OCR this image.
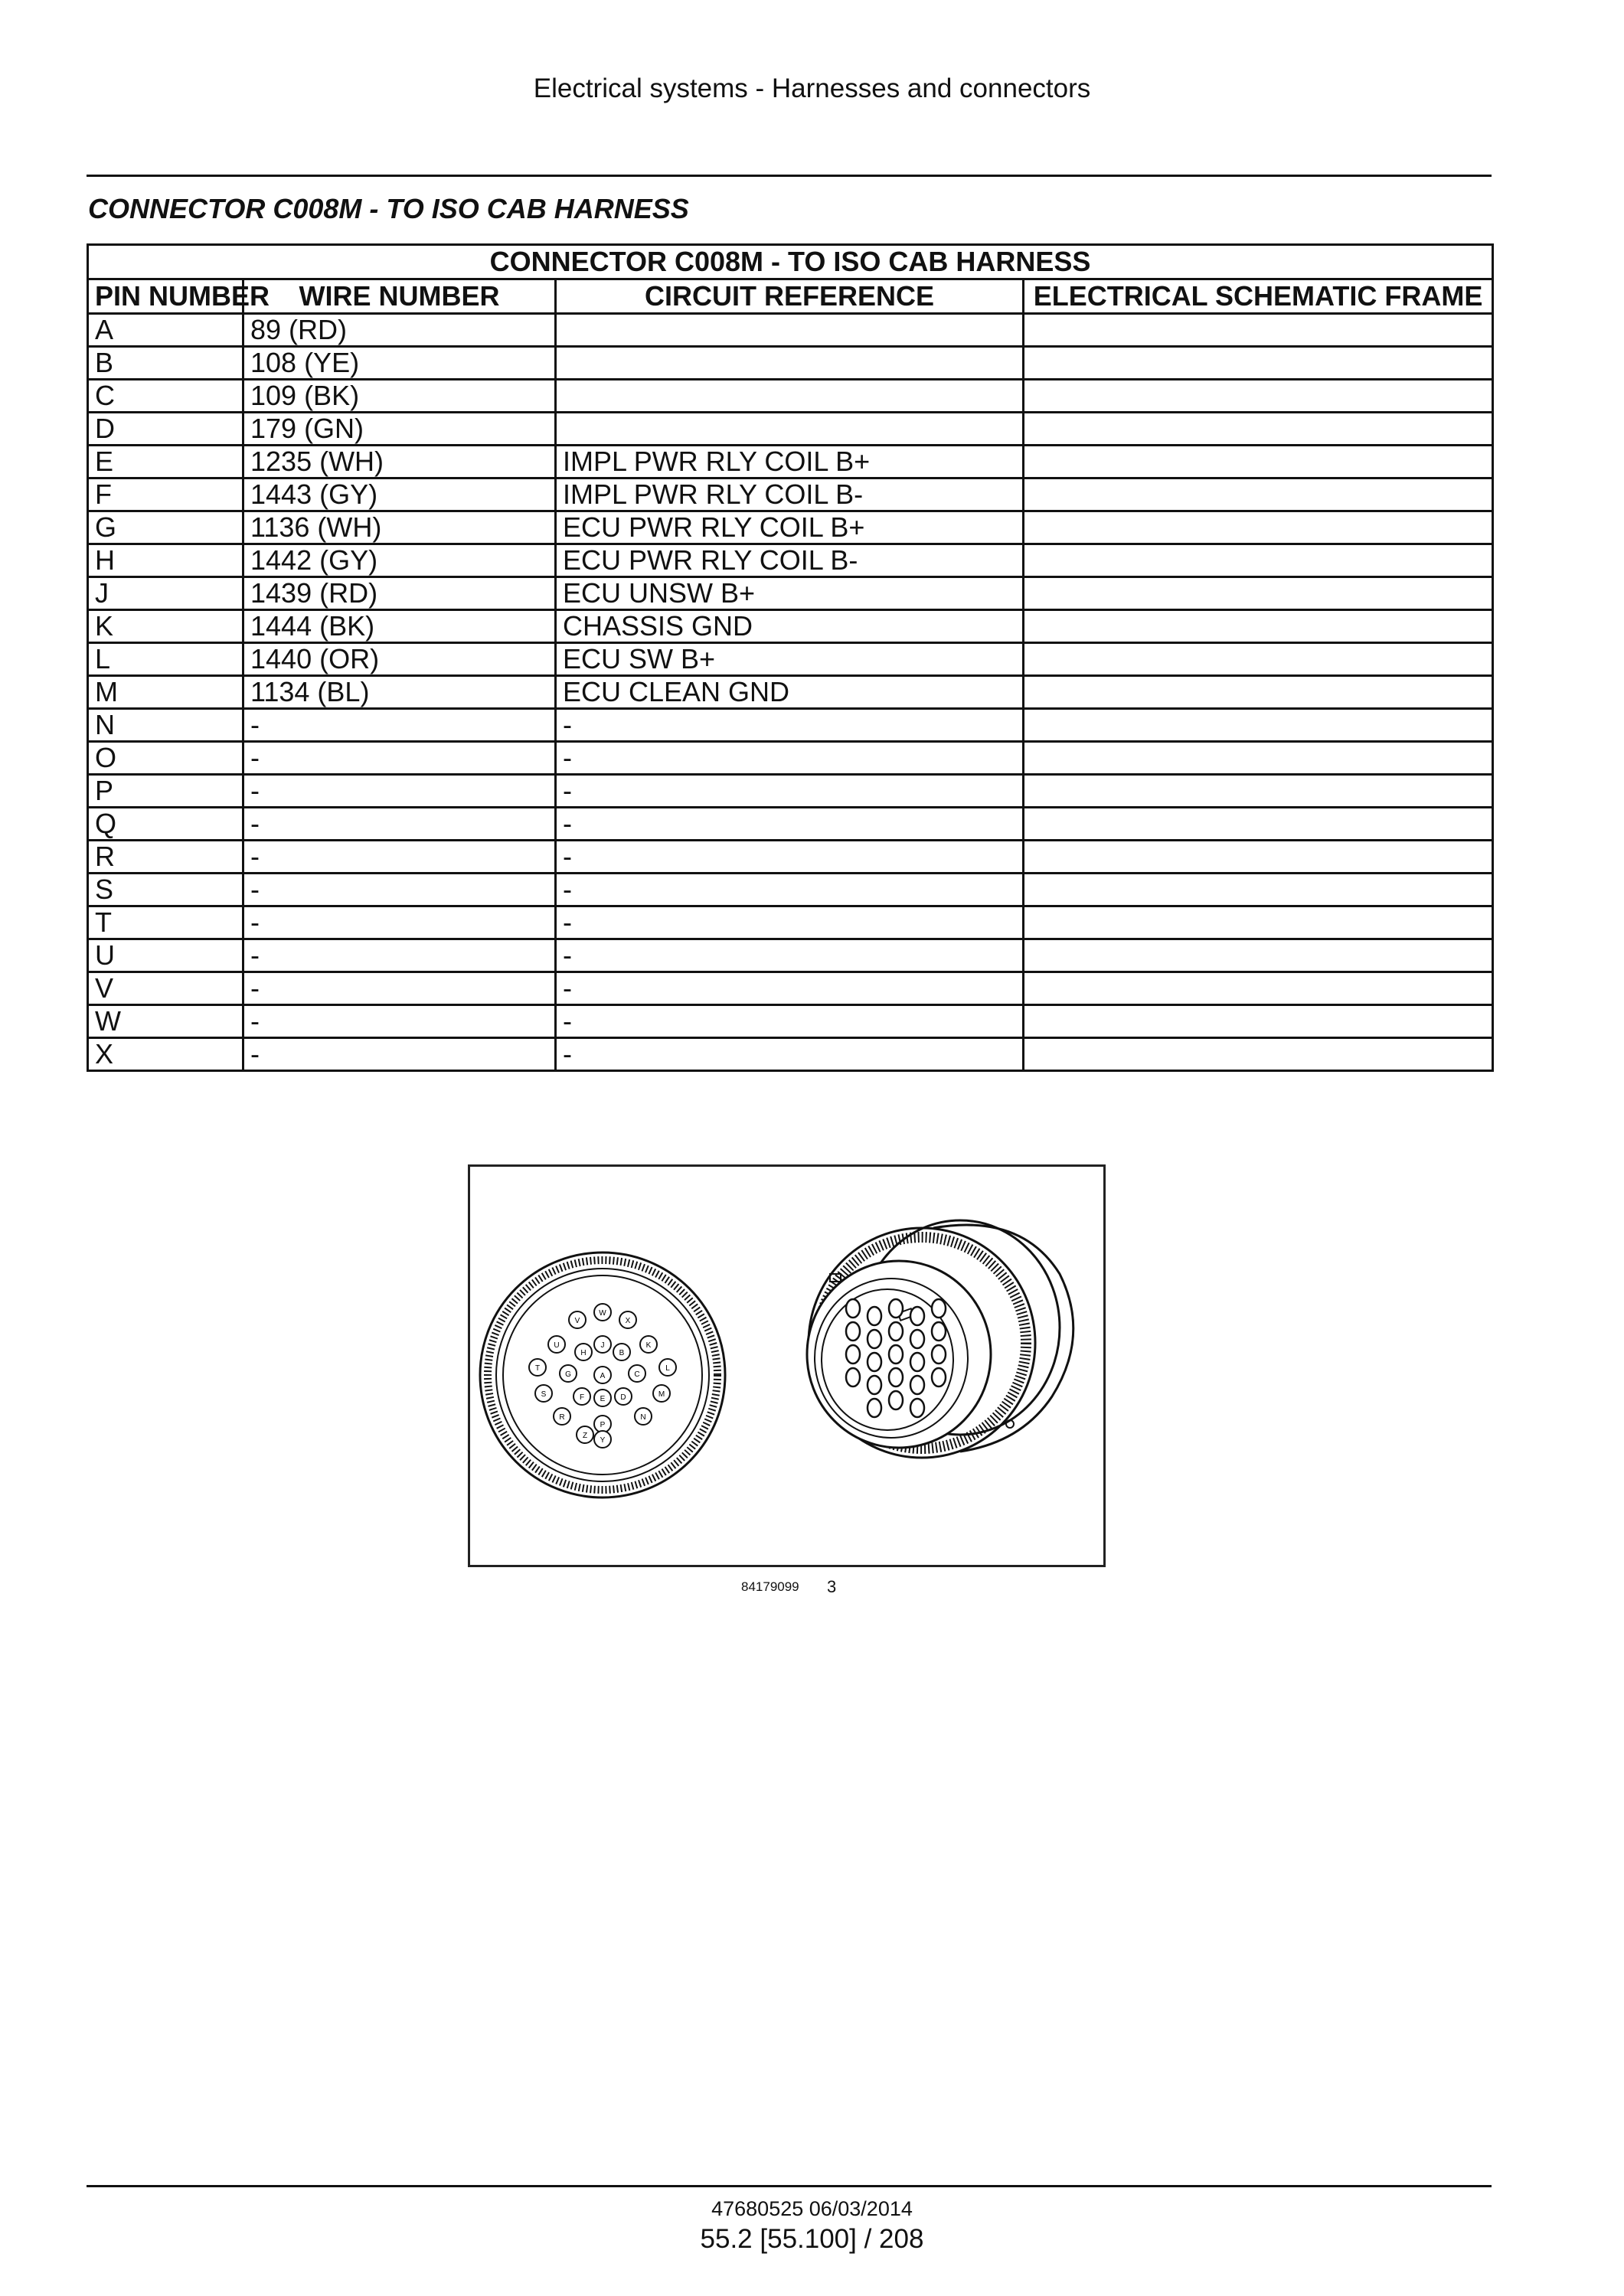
Electrical systems - Harnesses and connectors
CONNECTOR C008M - TO ISO CAB HARNESS
CONNECTOR C008M - TO ISO CAB HARNESS			
PIN NUMBER	WIRE NUMBER	CIRCUIT REFERENCE	ELECTRICAL SCHEMATIC FRAME
A	89 (RD)		
B	108 (YE)		
C	109 (BK)		
D	179 (GN)		
E	1235 (WH)	IMPL PWR RLY COIL B+	
F	1443 (GY)	IMPL PWR RLY COIL B-	
G	1136 (WH)	ECU PWR RLY COIL B+	
H	1442 (GY)	ECU PWR RLY COIL B-	
J	1439 (RD)	ECU UNSW B+	
K	1444 (BK)	CHASSIS GND	
L	1440 (OR)	ECU SW B+	
M	1134 (BL)	ECU CLEAN GND	
N	-	-	
O	-	-	
P	-	-	
Q	-	-	
R	-	-	
S	-	-	
T	-	-	
U	-	-	
V	-	-	
W	-	-	
X	-	-	
A
B
C
D
E
F
G
H
J	K
L
M
N
P
R
S
T
U
V
W
X
Y
Z
84179099 3
47680525 06/03/2014
55.2 [55.100] / 208
